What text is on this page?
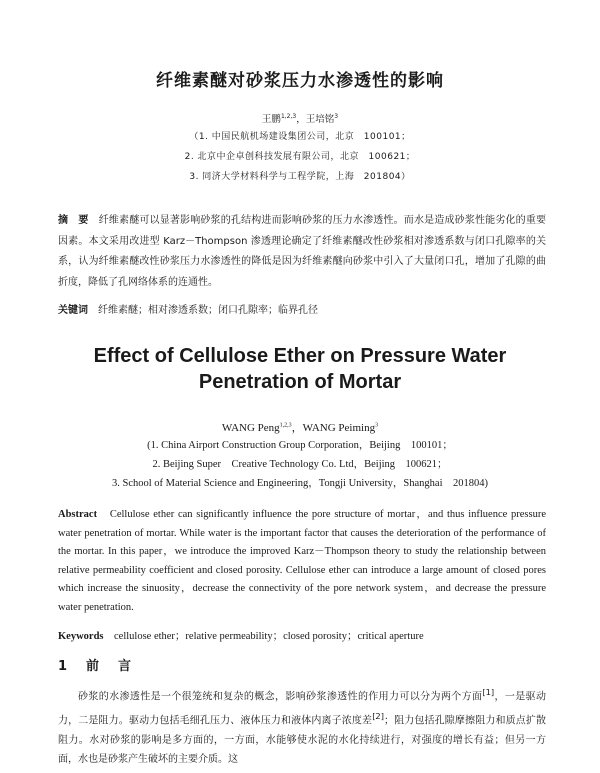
纤维素醚对砂浆压力水渗透性的影响
王鹏$^{1,2,3}$，王培铭$^3$
（1. 中国民航机场建设集团公司，北京　100101；
2. 北京中企卓创科技发展有限公司，北京　100621；
3. 同济大学材料科学与工程学院，上海　201804）
摘　要　 纤维素醚可以显著影响砂浆的孔结构进而影响砂浆的压力水渗透性。而水是造成砂浆性能劣化的重要因素。本文采用改进型 Karz－Thompson 渗透理论确定了纤维素醚改性砂浆相对渗透系数与闭口孔隙率的关系，认为纤维素醚改性砂浆压力水渗透性的降低是因为纤维素醚向砂浆中引入了大量闭口孔，增加了孔隙的曲折度，降低了孔网络体系的连通性。
关键词　 纤维素醚；相对渗透系数；闭口孔隙率；临界孔径
Effect of Cellulose Ether on Pressure Water
Penetration of Mortar
WANG Peng$^{1,2,3}$，WANG Peiming$^3$
(1. China Airport Construction Group Corporation，Beijing　100101；
2. Beijing Super　Creative Technology Co. Ltd，Beijing　100621；
3. School of Material Science and Engineering，Tongji University，Shanghai　201804)
Abstract　 Cellulose ether can significantly influence the pore structure of mortar，and thus influence pressure water penetration of mortar. While water is the important factor that causes the deterioration of the performance of the mortar. In this paper，we introduce the improved Karz－Thompson theory to study the relationship between relative permeability coefficient and closed porosity. Cellulose ether can introduce a large amount of closed pores which increase the sinuosity，decrease the connectivity of the pore network system，and decrease the pressure water penetration.
Keywords　 cellulose ether；relative permeability；closed porosity；critical aperture
1　前　言
砂浆的水渗透性是一个很笼统和复杂的概念，影响砂浆渗透性的作用力可以分为两个方面[1]，一是驱动力，二是阻力。驱动力包括毛细孔压力、液体压力和液体内离子浓度差[2]；阻力包括孔隙摩擦阻力和质点扩散阻力。水对砂浆的影响是多方面的，一方面，水能够使水泥的水化持续进行，对强度的增长有益；但另一方面，水也是砂浆产生破坏的主要介质。这
